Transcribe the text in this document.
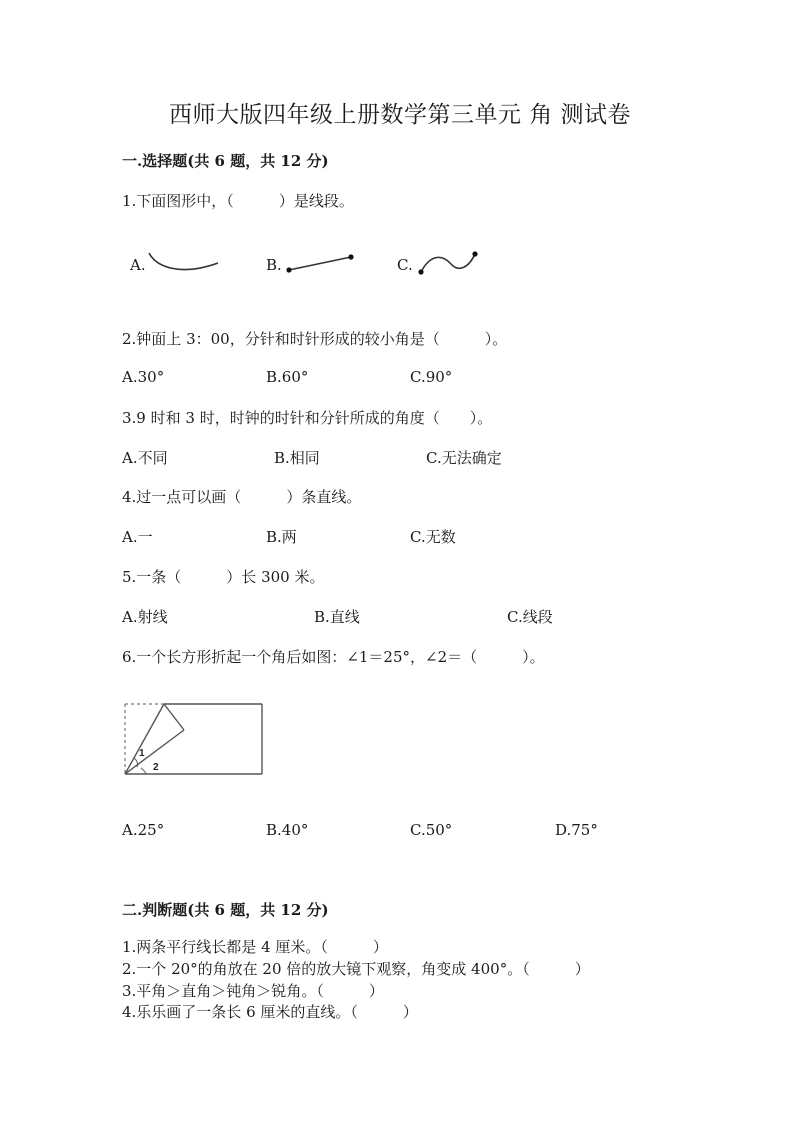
西师大版四年级上册数学第三单元 角 测试卷
一.选择题(共 6 题，共 12 分)
1.下面图形中，（　　　）是线段。
A.	B.	C.
2.钟面上 3：00，分针和时针形成的较小角是（　　　）。
A.30°	B.60°	C.90°
3.9 时和 3 时，时钟的时针和分针所成的角度（　　）。
A.不同	B.相同	C.无法确定
4.过一点可以画（　　　）条直线。
A.一	B.两	C.无数
5.一条（　　　）长 300 米。
A.射线	B.直线	C.线段
6.一个长方形折起一个角后如图：∠1＝25°，∠2＝（　　　）。
1
2
A.25°	B.40°	C.50°	D.75°
二.判断题(共 6 题，共 12 分)
1.两条平行线长都是 4 厘米。（　　　）
2.一个 20°的角放在 20 倍的放大镜下观察，角变成 400°。（　　　）
3.平角＞直角＞钝角＞锐角。（　　　）
4.乐乐画了一条长 6 厘米的直线。（　　　）
